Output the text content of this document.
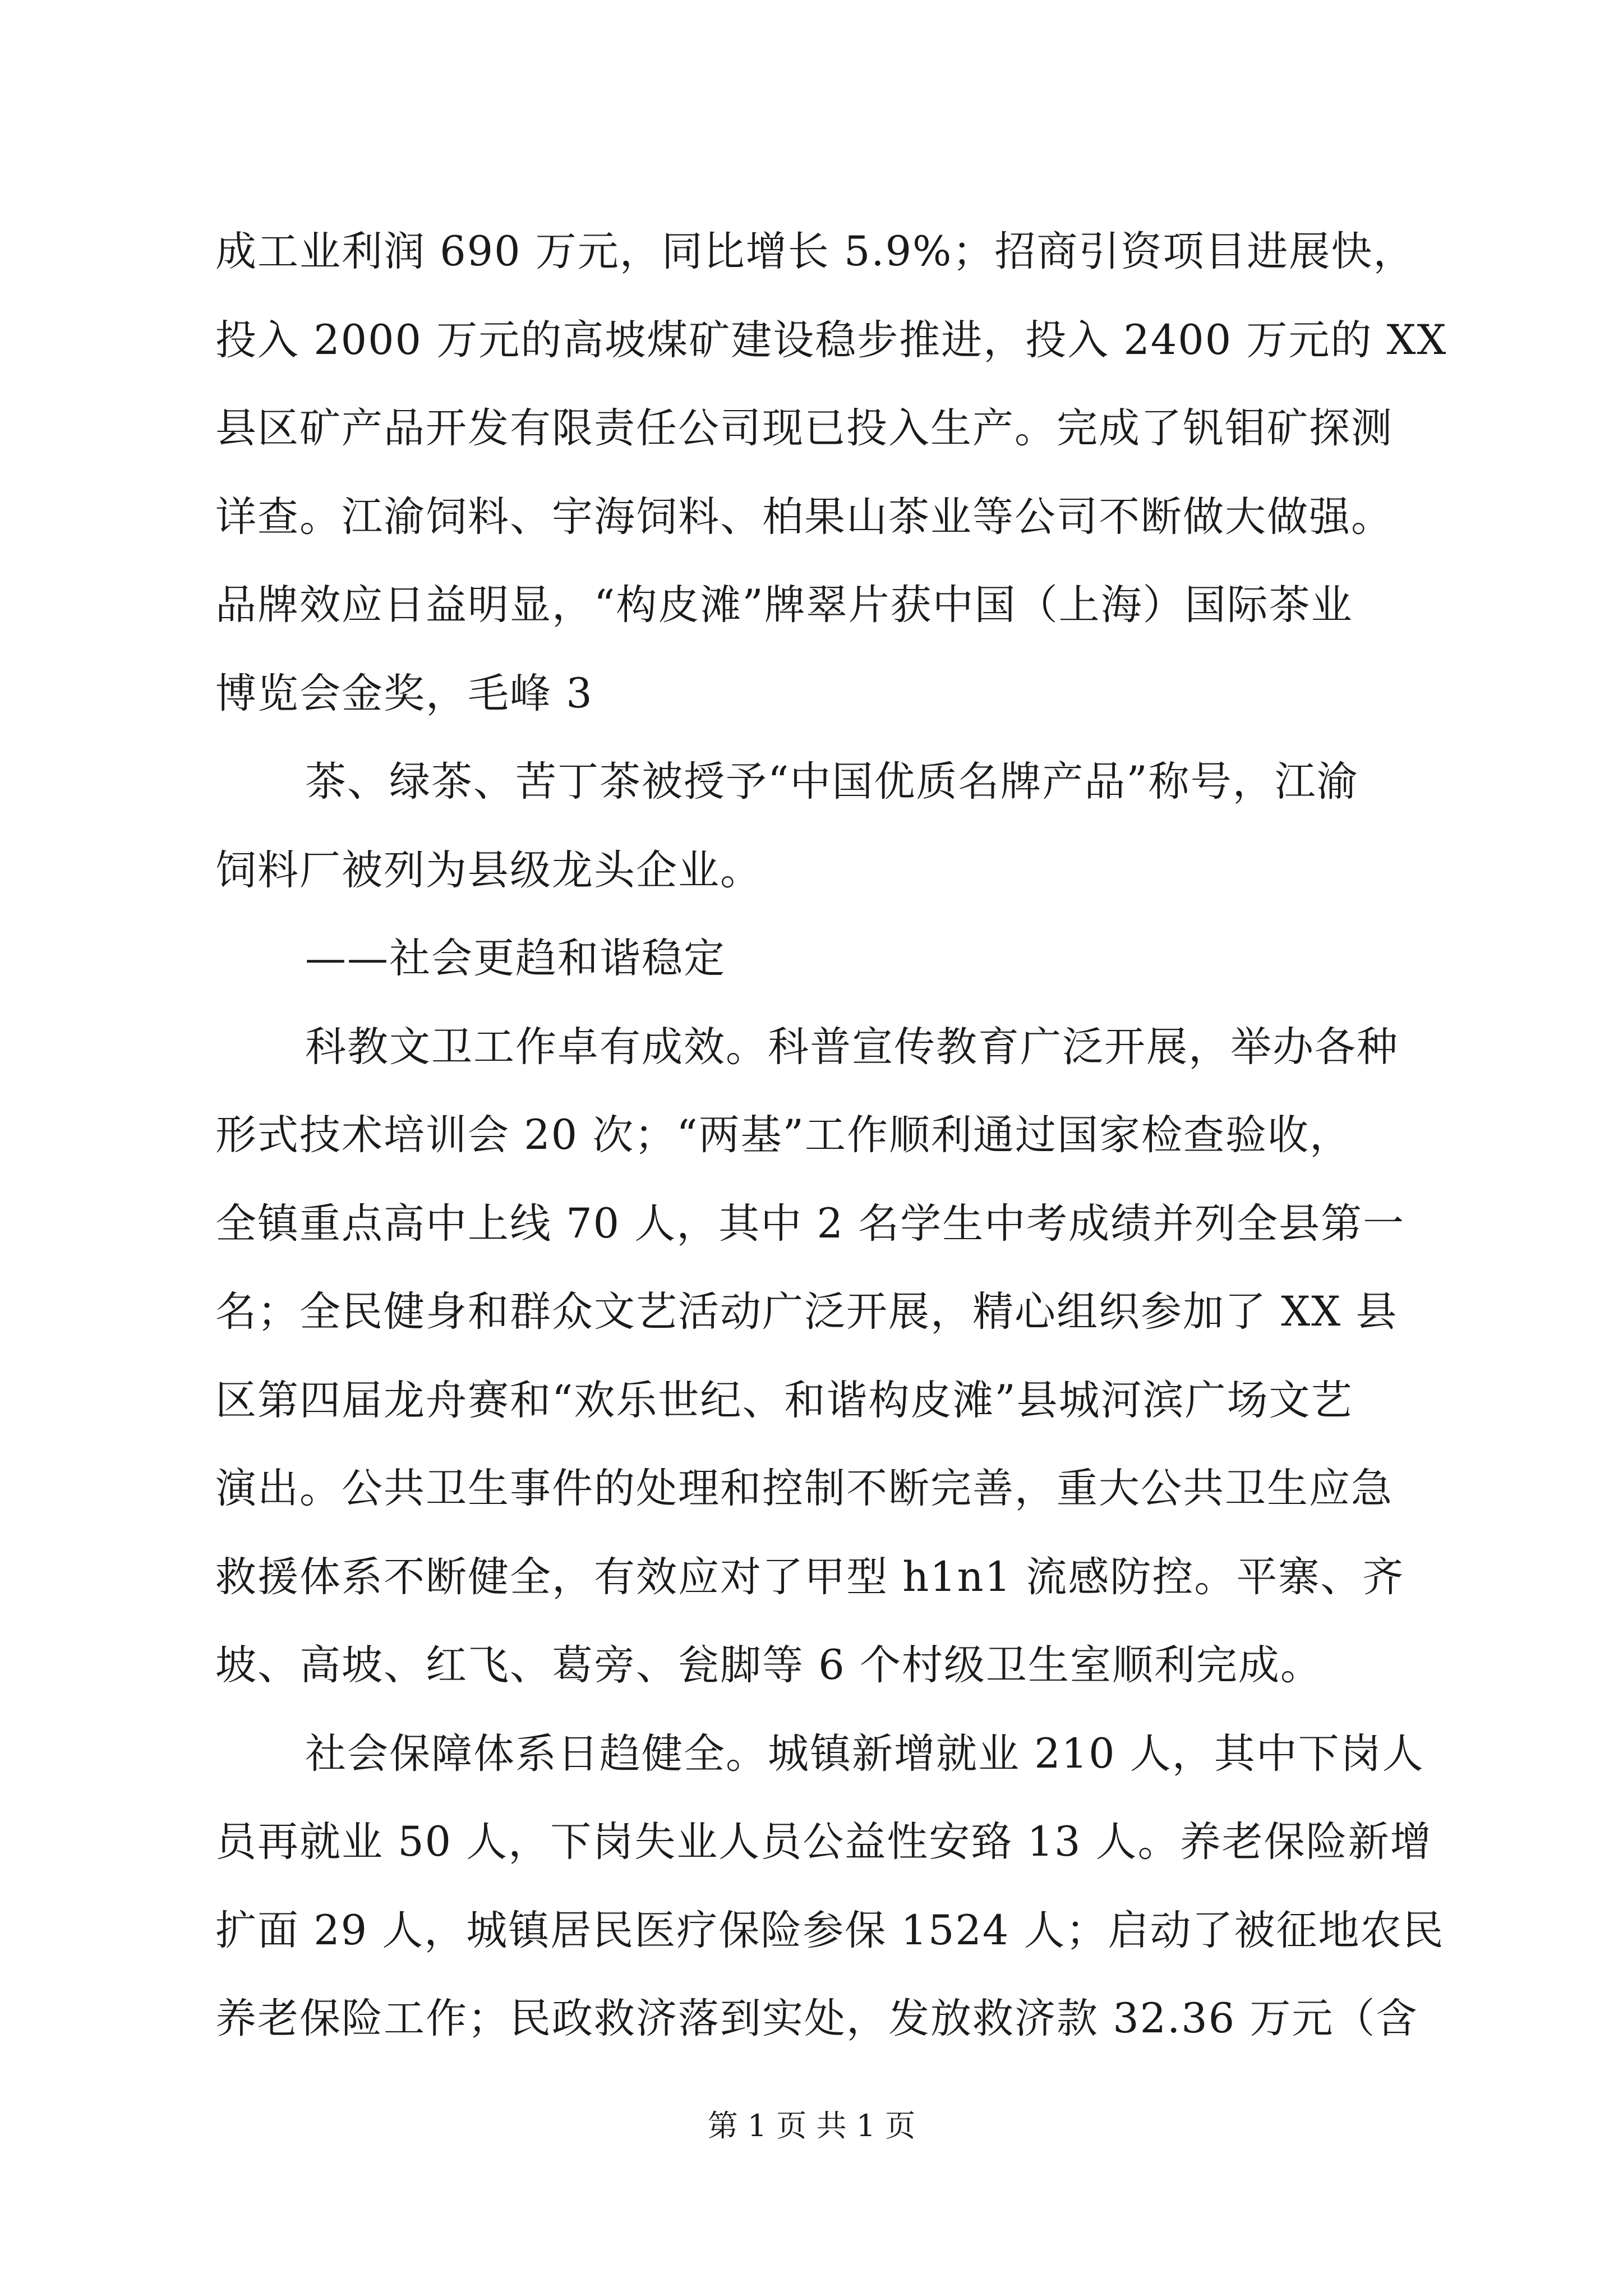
成工业利润 690 万元，同比增长 5.9%；招商引资项目进展快，
投入 2000 万元的高坡煤矿建设稳步推进，投入 2400 万元的 XX
县区矿产品开发有限责任公司现已投入生产。完成了钒钼矿探测
详查。江渝饲料、宇海饲料、柏果山茶业等公司不断做大做强。
品牌效应日益明显，“构皮滩”牌翠片获中国（上海）国际茶业
博览会金奖，毛峰 3
茶、绿茶、苦丁茶被授予“中国优质名牌产品”称号，江渝
饲料厂被列为县级龙头企业。
——社会更趋和谐稳定
科教文卫工作卓有成效。科普宣传教育广泛开展，举办各种
形式技术培训会 20 次；“两基”工作顺利通过国家检查验收，
全镇重点高中上线 70 人，其中 2 名学生中考成绩并列全县第一
名；全民健身和群众文艺活动广泛开展，精心组织参加了 XX 县
区第四届龙舟赛和“欢乐世纪、和谐构皮滩”县城河滨广场文艺
演出。公共卫生事件的处理和控制不断完善，重大公共卫生应急
救援体系不断健全，有效应对了甲型 h1n1 流感防控。平寨、齐
坡、高坡、红飞、葛旁、瓮脚等 6 个村级卫生室顺利完成。
社会保障体系日趋健全。城镇新增就业 210 人，其中下岗人
员再就业 50 人，下岗失业人员公益性安臵 13 人。养老保险新增
扩面 29 人，城镇居民医疗保险参保 1524 人；启动了被征地农民
养老保险工作；民政救济落到实处，发放救济款 32.36 万元（含
第 1 页 共 1 页
